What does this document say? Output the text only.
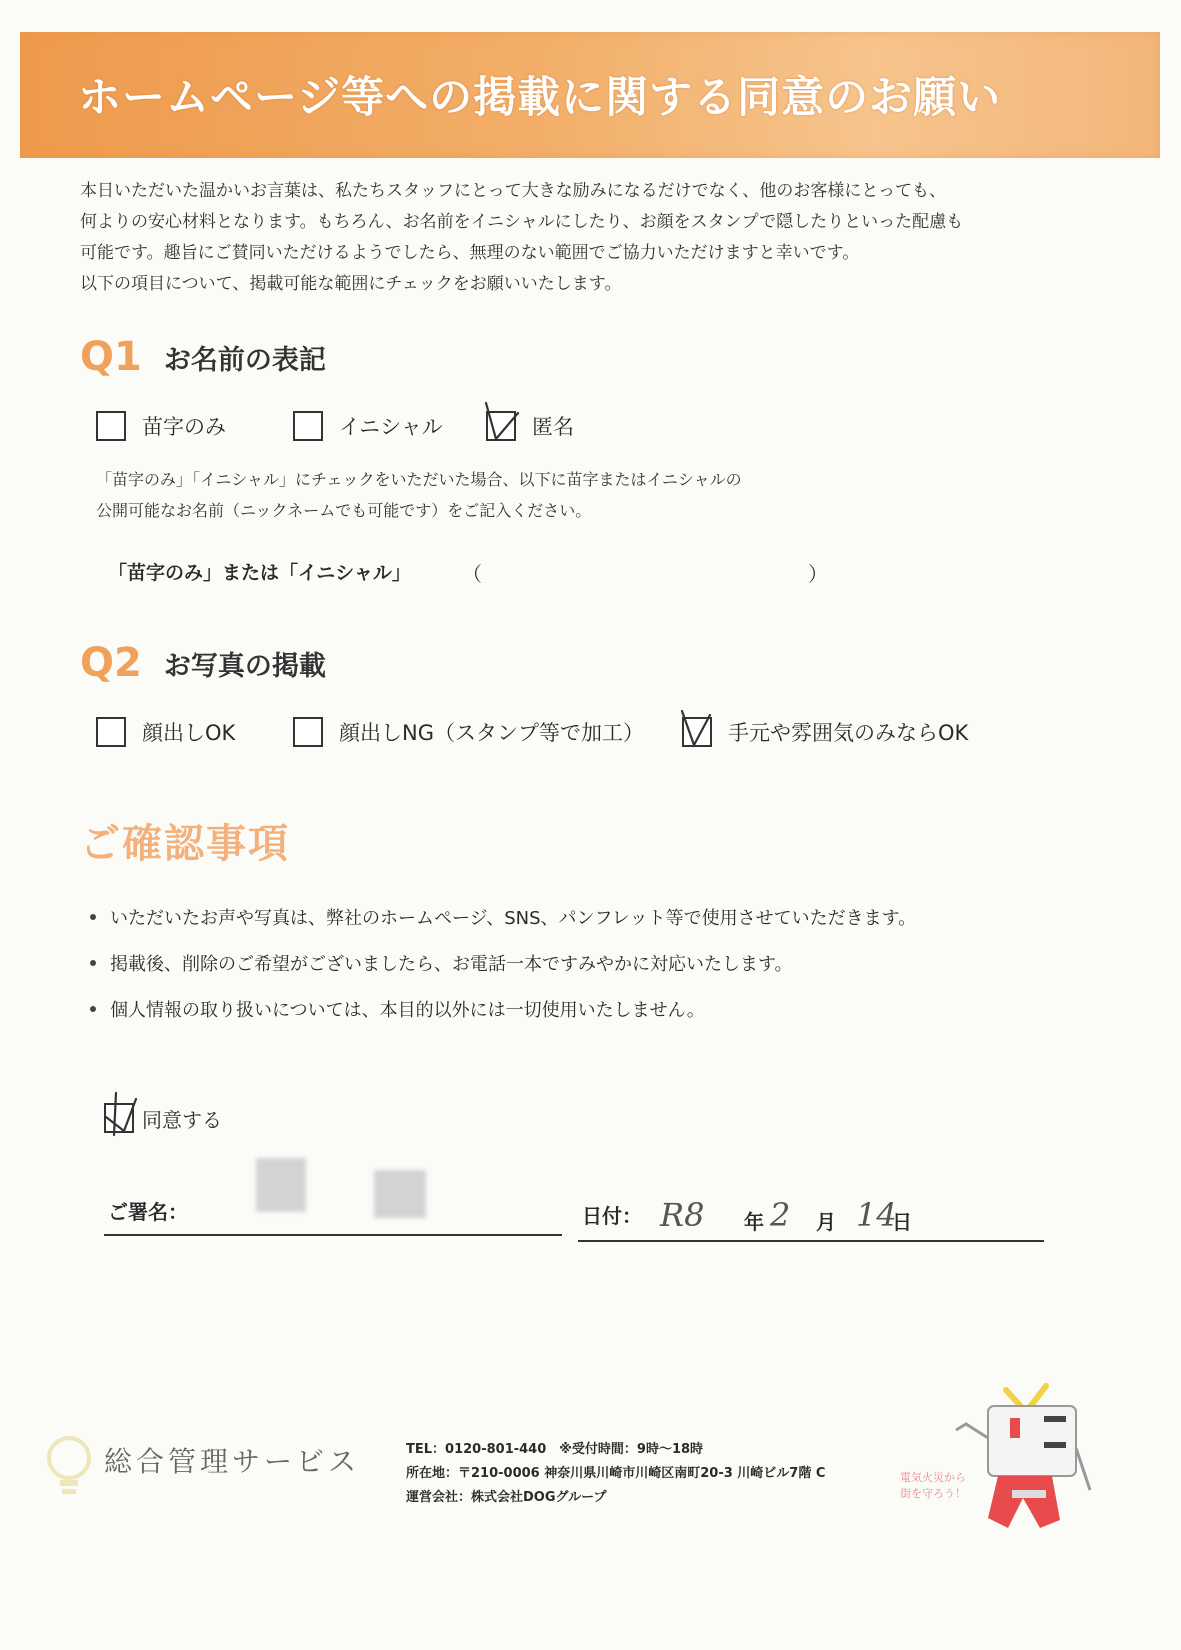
ホームページ等への掲載に関する同意のお願い

本日いただいた温かいお言葉は、私たちスタッフにとって大きな励みになるだけでなく、他のお客様にとっても、

何よりの安心材料となります。もちろん、お名前をイニシャルにしたり、お顔をスタンプで隠したりといった配慮も

可能です。趣旨にご賛同いただけるようでしたら、無理のない範囲でご協力いただけますと幸いです。

以下の項目について、掲載可能な範囲にチェックをお願いいたします。

Q1 お名前の表記
苗字のみ	イニシャル	匿名

「苗字のみ」「イニシャル」にチェックをいただいた場合、以下に苗字またはイニシャルの

公開可能なお名前（ニックネームでも可能です）をご記入ください。

「苗字のみ」または「イニシャル」	（	）
Q2 お写真の掲載
顔出しOK	顔出しNG（スタンプ等で加工）	手元や雰囲気のみならOK
ご確認事項
いただいたお声や写真は、弊社のホームページ、SNS、パンフレット等で使用させていただきます。
掲載後、削除のご希望がございましたら、お電話一本ですみやかに対応いたします。
個人情報の取り扱いについては、本目的以外には一切使用いたしません。
同意する
ご署名：	日付： R8 年 2 月 14
日
総合管理サービス	TEL：0120-801-440　※受付時間：9時～18時
所在地：〒210-0006 神奈川県川崎市川崎区南町20-3 川崎ビル7階 C
運営会社：株式会社DOGグループ
電気火災から
街を守ろう！
